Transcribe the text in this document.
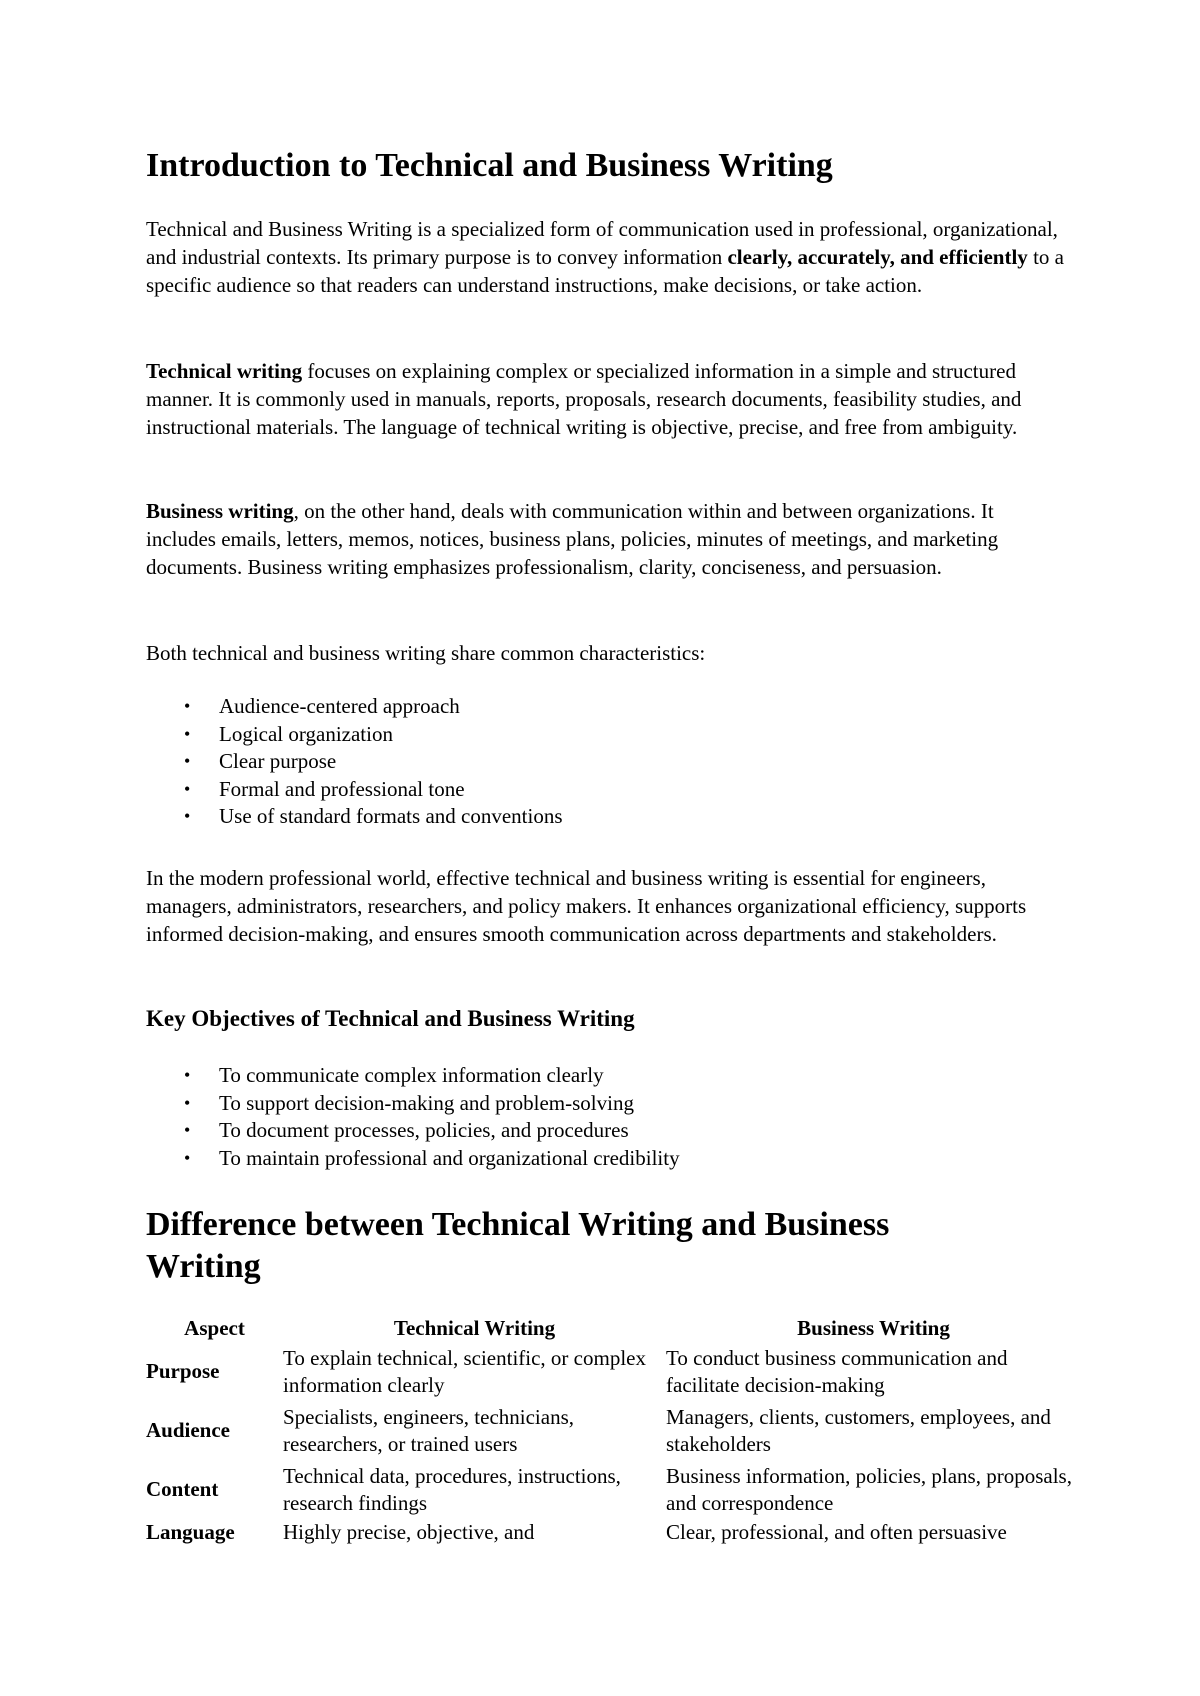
Introduction to Technical and Business Writing

Technical and Business Writing is a specialized form of communication used in professional, organizational, and industrial contexts. Its primary purpose is to convey information clearly, accurately, and efficiently to a specific audience so that readers can understand instructions, make decisions, or take action.

Technical writing focuses on explaining complex or specialized information in a simple and structured manner. It is commonly used in manuals, reports, proposals, research documents, feasibility studies, and instructional materials. The language of technical writing is objective, precise, and free from ambiguity.

Business writing, on the other hand, deals with communication within and between organizations. It includes emails, letters, memos, notices, business plans, policies, minutes of meetings, and marketing documents. Business writing emphasizes professionalism, clarity, conciseness, and persuasion.

Both technical and business writing share common characteristics:

• Audience-centered approach
• Logical organization
• Clear purpose
• Formal and professional tone
• Use of standard formats and conventions

In the modern professional world, effective technical and business writing is essential for engineers, managers, administrators, researchers, and policy makers. It enhances organizational efficiency, supports informed decision-making, and ensures smooth communication across departments and stakeholders.

Key Objectives of Technical and Business Writing
• To communicate complex information clearly
• To support decision-making and problem-solving
• To document processes, policies, and procedures
• To maintain professional and organizational credibility
Difference between Technical Writing and Business Writing
Aspect	Technical Writing	Business Writing
Purpose	To explain technical, scientific, or complex information clearly	To conduct business communication and facilitate decision-making
Audience	Specialists, engineers, technicians, researchers, or trained users	Managers, clients, customers, employees, and stakeholders
Content	Technical data, procedures, instructions, research findings	Business information, policies, plans, proposals, and correspondence
Language	Highly precise, objective, and	Clear, professional, and often persuasive
